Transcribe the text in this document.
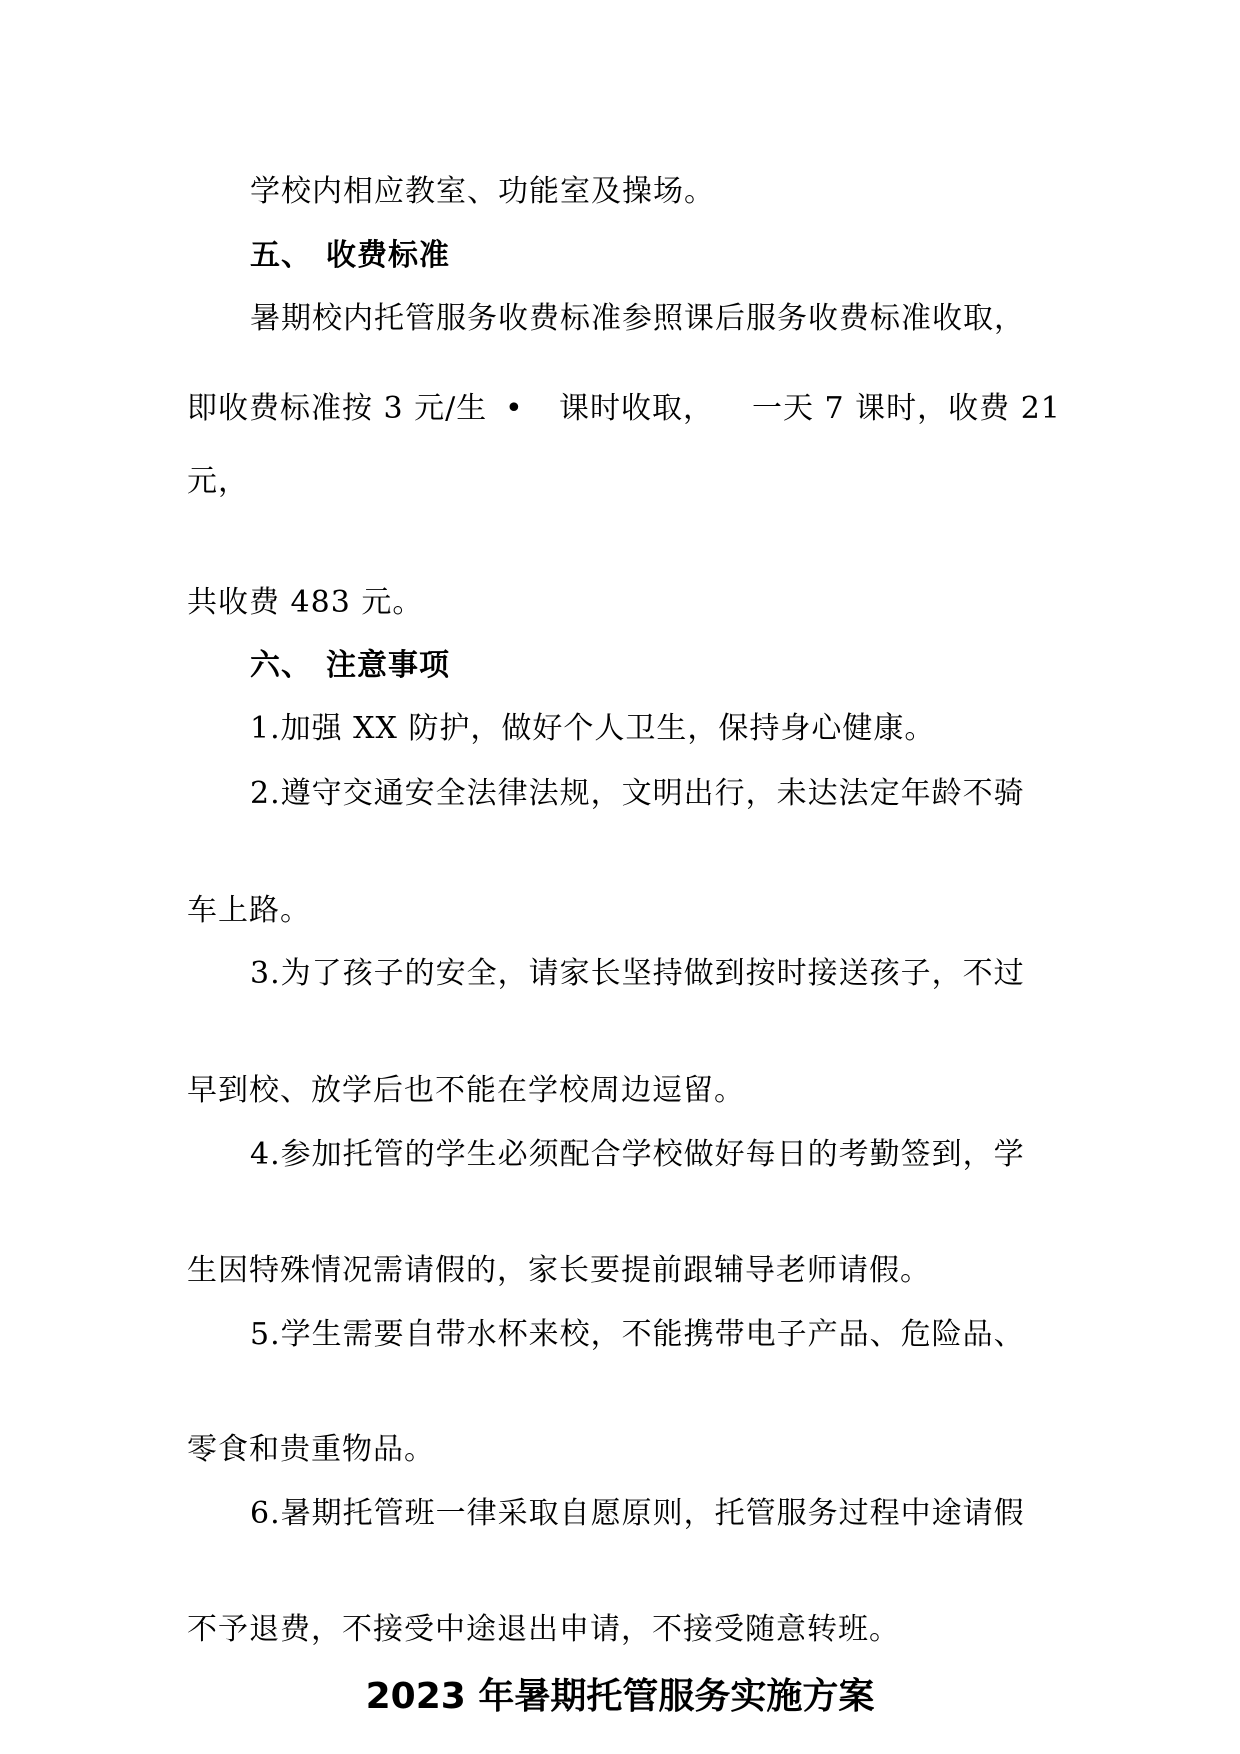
学校内相应教室、功能室及操场。
五、 收费标准
暑期校内托管服务收费标准参照课后服务收费标准收取，
即收费标准按 3 元/生 • 课时收取， 一天 7 课时，收费 21
元，
共收费 483 元。
六、 注意事项
1.加强 XX 防护，做好个人卫生，保持身心健康。
2.遵守交通安全法律法规，文明出行，未达法定年龄不骑
车上路。
3.为了孩子的安全，请家长坚持做到按时接送孩子，不过
早到校、放学后也不能在学校周边逗留。
4.参加托管的学生必须配合学校做好每日的考勤签到，学
生因特殊情况需请假的，家长要提前跟辅导老师请假。
5.学生需要自带水杯来校，不能携带电子产品、危险品、
零食和贵重物品。
6.暑期托管班一律采取自愿原则，托管服务过程中途请假
不予退费，不接受中途退出申请，不接受随意转班。
2023 年暑期托管服务实施方案
